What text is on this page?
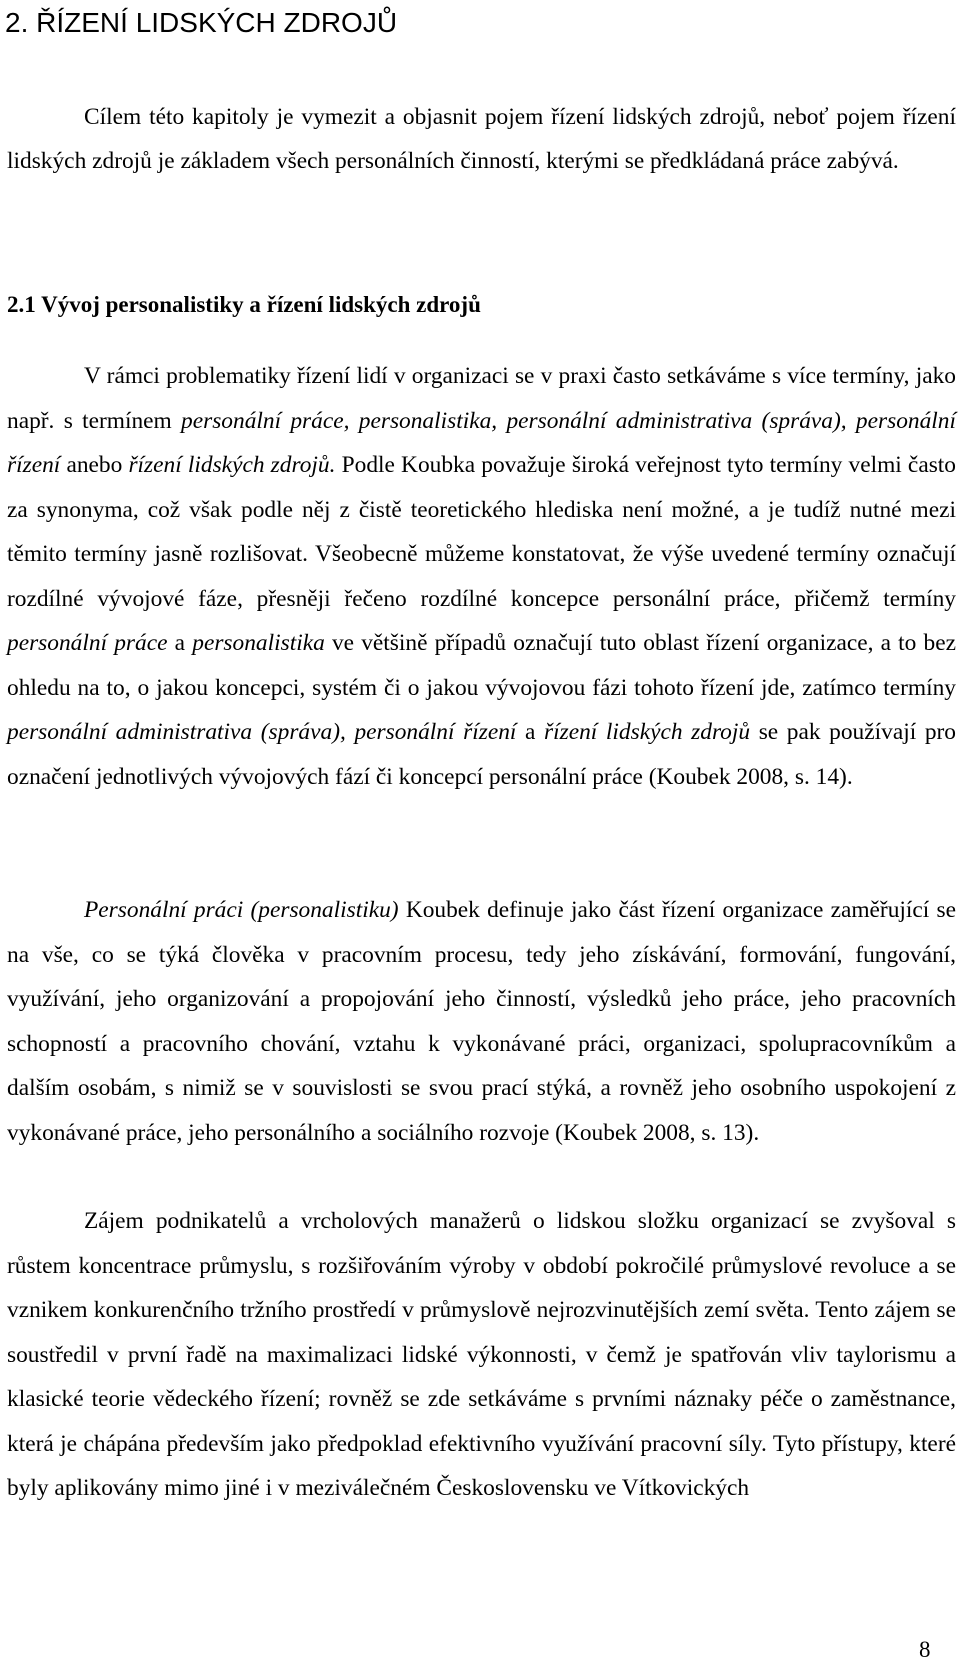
2. ŘÍZENÍ LIDSKÝCH ZDROJŮ

Cílem této kapitoly je vymezit a objasnit pojem řízení lidských zdrojů, neboť pojem řízení lidských zdrojů je základem všech personálních činností, kterými se předkládaná práce zabývá.

2.1 Vývoj personalistiky a řízení lidských zdrojů

V rámci problematiky řízení lidí v organizaci se v praxi často setkáváme s více termíny, jako např. s termínem personální práce, personalistika, personální administrativa (správa), personální řízení anebo řízení lidských zdrojů. Podle Koubka považuje široká veřejnost tyto termíny velmi často za synonyma, což však podle něj z čistě teoretického hlediska není možné, a je tudíž nutné mezi těmito termíny jasně rozlišovat. Všeobecně můžeme konstatovat, že výše uvedené termíny označují rozdílné vývojové fáze, přesněji řečeno rozdílné koncepce personální práce, přičemž termíny personální práce a personalistika ve většině případů označují tuto oblast řízení organizace, a to bez ohledu na to, o jakou koncepci, systém či o jakou vývojovou fázi tohoto řízení jde, zatímco termíny personální administrativa (správa), personální řízení a řízení lidských zdrojů se pak používají pro označení jednotlivých vývojových fází či koncepcí personální práce (Koubek 2008, s. 14).

Personální práci (personalistiku) Koubek definuje jako část řízení organizace zaměřující se na vše, co se týká člověka v pracovním procesu, tedy jeho získávání, formování, fungování, využívání, jeho organizování a propojování jeho činností, výsledků jeho práce, jeho pracovních schopností a pracovního chování, vztahu k vykonávané práci, organizaci, spolupracovníkům a dalším osobám, s nimiž se v souvislosti se svou prací stýká, a rovněž jeho osobního uspokojení z vykonávané práce, jeho personálního a sociálního rozvoje (Koubek 2008, s. 13).

Zájem podnikatelů a vrcholových manažerů o lidskou složku organizací se zvyšoval s růstem koncentrace průmyslu, s rozšiřováním výroby v období pokročilé průmyslové revoluce a se vznikem konkurenčního tržního prostředí v průmyslově nejrozvinutějších zemí světa. Tento zájem se soustředil v první řadě na maximalizaci lidské výkonnosti, v čemž je spatřován vliv taylorismu a klasické teorie vědeckého řízení; rovněž se zde setkáváme s prvními náznaky péče o zaměstnance, která je chápána především jako předpoklad efektivního využívání pracovní síly. Tyto přístupy, které byly aplikovány mimo jiné i v meziválečném Československu ve Vítkovických

8
